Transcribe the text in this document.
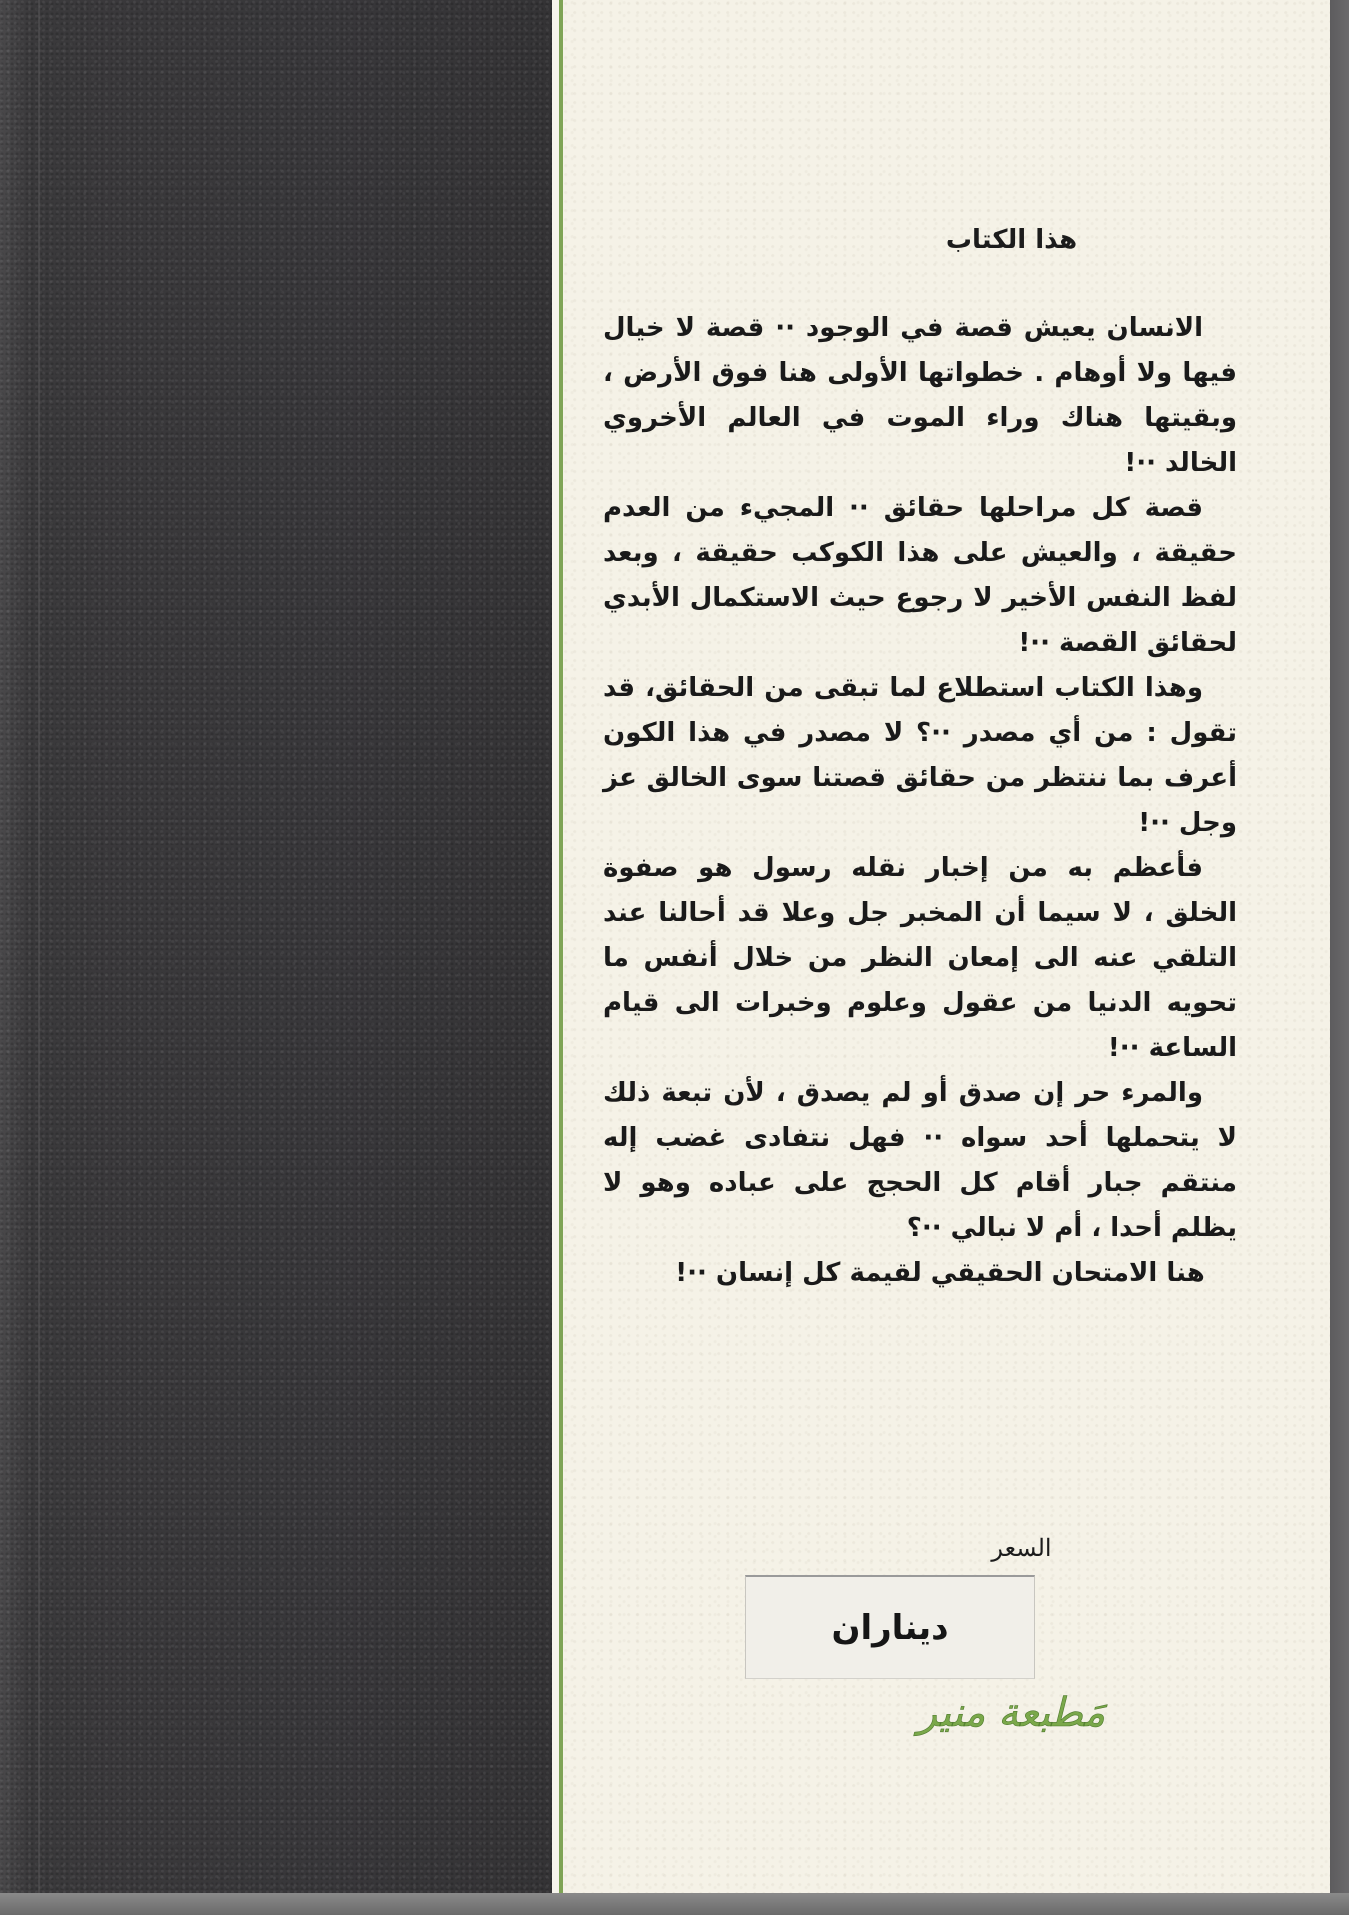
هذا الكتاب

الانسان يعيش قصة في الوجود ·· قصة لا خيال فيها ولا أوهام . خطواتها الأولى هنا فوق الأرض ، وبقيتها هناك وراء الموت في العالم الأخروي الخالد ··!

قصة كل مراحلها حقائق ·· المجيء من العدم حقيقة ، والعيش على هذا الكوكب حقيقة ، وبعد لفظ النفس الأخير لا رجوع حيث الاستكمال الأبدي لحقائق القصة ··!

وهذا الكتاب استطلاع لما تبقى من الحقائق، قد تقول : من أي مصدر ··؟ لا مصدر في هذا الكون أعرف بما ننتظر من حقائق قصتنا سوى الخالق عز وجل ··!

فأعظم به من إخبار نقله رسول هو صفوة الخلق ، لا سيما أن المخبر جل وعلا قد أحالنا عند التلقي عنه الى إمعان النظر من خلال أنفس ما تحويه الدنيا من عقول وعلوم وخبرات الى قيام الساعة ··!

والمرء حر إن صدق أو لم يصدق ، لأن تبعة ذلك لا يتحملها أحد سواه ·· فهل نتفادى غضب إله منتقم جبار أقام كل الحجج على عباده وهو لا يظلم أحدا ، أم لا نبالي ··؟

هنا الامتحان الحقيقي لقيمة كل إنسان ··!

السعر
ديناران
مَطبعة منير
